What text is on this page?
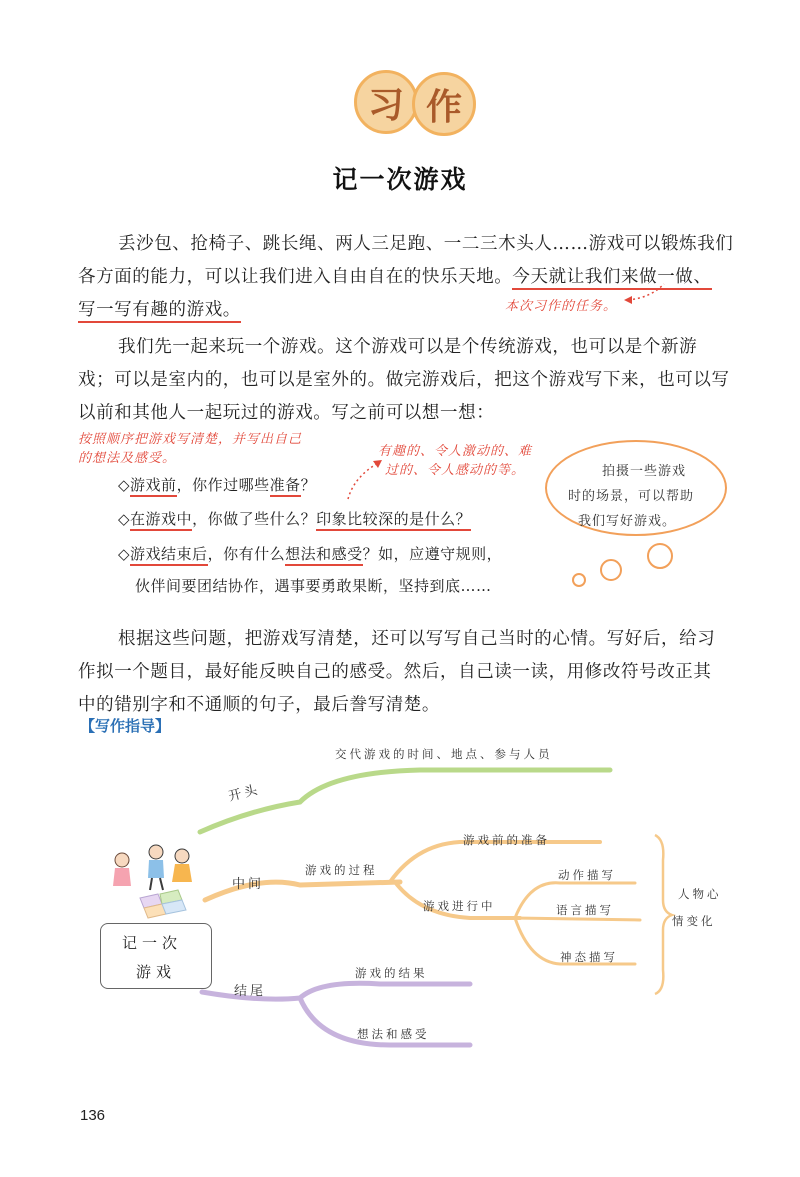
习 作
记一次游戏
丢沙包、抢椅子、跳长绳、两人三足跑、一二三木头人……游戏可以锻炼我们
各方面的能力，可以让我们进入自由自在的快乐天地。今天就让我们来做一做、
写一写有趣的游戏。	本次习作的任务。
我们先一起来玩一个游戏。这个游戏可以是个传统游戏，也可以是个新游
戏；可以是室内的，也可以是室外的。做完游戏后，把这个游戏写下来，也可以写
以前和其他人一起玩过的游戏。写之前可以想一想：
按照顺序把游戏写清楚，并写出自己
的想法及感受。	有趣的、令人激动的、难
过的、令人感动的等。	拍摄一些游戏
时的场景，可以帮助
我们写好游戏。
◇游戏前，你作过哪些准备？
◇在游戏中，你做了些什么？印象比较深的是什么？
◇游戏结束后，你有什么想法和感受？如，应遵守规则，
伙伴间要团结协作，遇事要勇敢果断，坚持到底……
根据这些问题，把游戏写清楚，还可以写写自己当时的心情。写好后，给习
作拟一个题目，最好能反映自己的感受。然后，自己读一读，用修改符号改正其
中的错别字和不通顺的句子，最后誊写清楚。
【写作指导】
记一次
游戏
交代游戏的时间、地点、参与人员
开头
游戏前的准备
中间
游戏的过程	动作描写
游戏进行中	语言描写
人物心
情变化
神态描写
游戏的结果
结尾
想法和感受
136
